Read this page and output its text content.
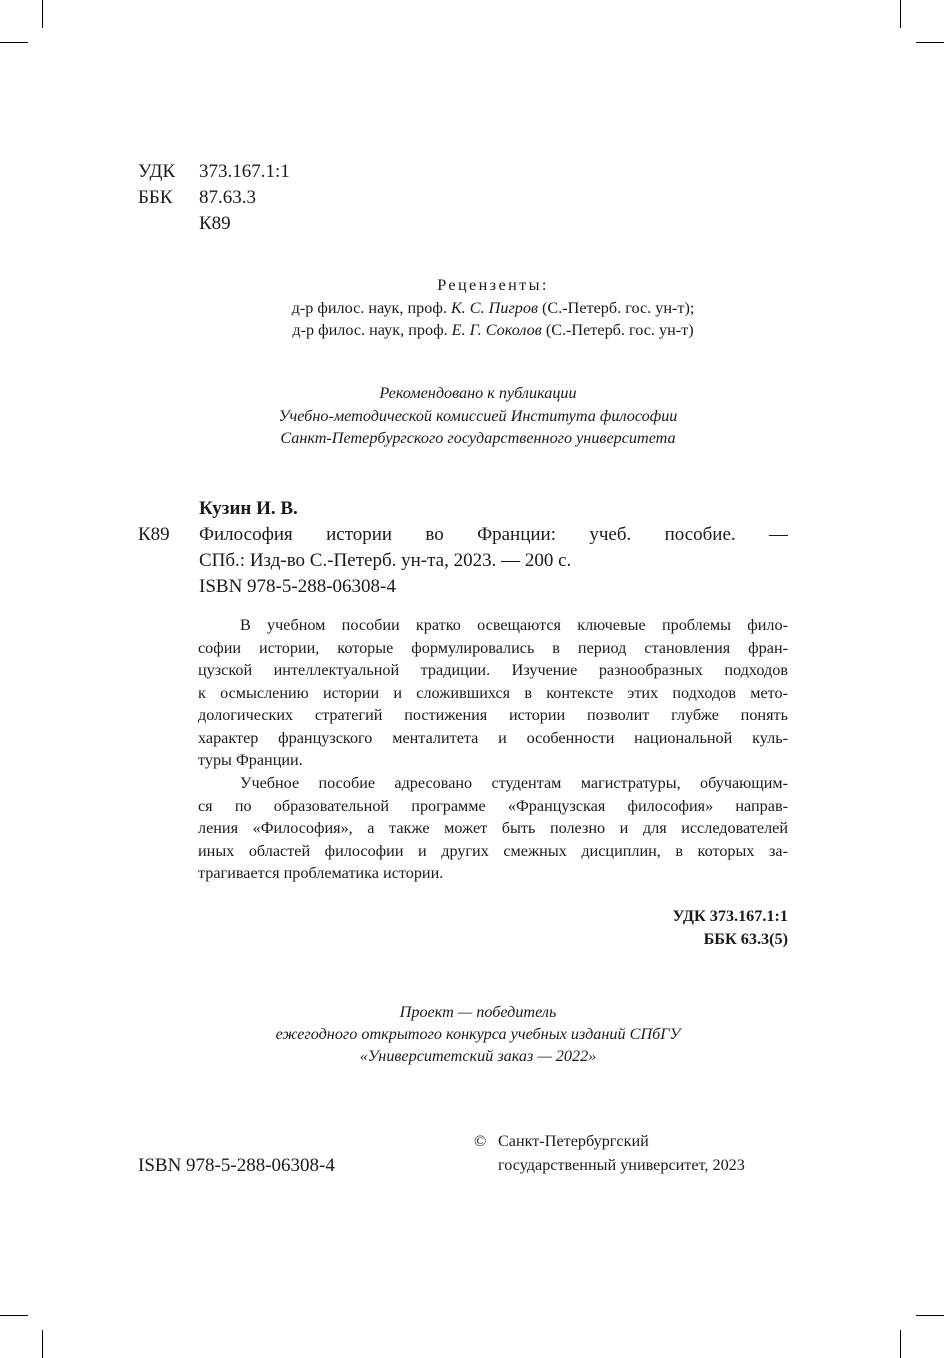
УДК 373.167.1:1
ББК 87.63.3
К89
Рецензенты:
д-р филос. наук, проф. К. С. Пигров (С.-Петерб. гос. ун-т);
д-р филос. наук, проф. Е. Г. Соколов (С.-Петерб. гос. ун-т)
Рекомендовано к публикации
Учебно-методической комиссией Института философии
Санкт-Петербургского государственного университета
Кузин И. В.
К89 Философия истории во Франции: учеб. пособие. —
СПб.: Изд-во С.-Петерб. ун-та, 2023. — 200 с.
ISBN 978-5-288-06308-4
В учебном пособии кратко освещаются ключевые проблемы фило-
софии истории, которые формулировались в период становления фран-
цузской интеллектуальной традиции. Изучение разнообразных подходов
к осмыслению истории и сложившихся в контексте этих подходов мето-
дологических стратегий постижения истории позволит глубже понять
характер французского менталитета и особенности национальной куль-
туры Франции.
Учебное пособие адресовано студентам магистратуры, обучающим-
ся по образовательной программе «Французская философия» направ-
ления «Философия», а также может быть полезно и для исследователей
иных областей философии и других смежных дисциплин, в которых за-
трагивается проблематика истории.
УДК 373.167.1:1
ББК 63.3(5)
Проект — победитель
ежегодного открытого конкурса учебных изданий СПбГУ
«Университетский заказ — 2022»
ISBN 978-5-288-06308-4
© Санкт-Петербургский
государственный университет, 2023
